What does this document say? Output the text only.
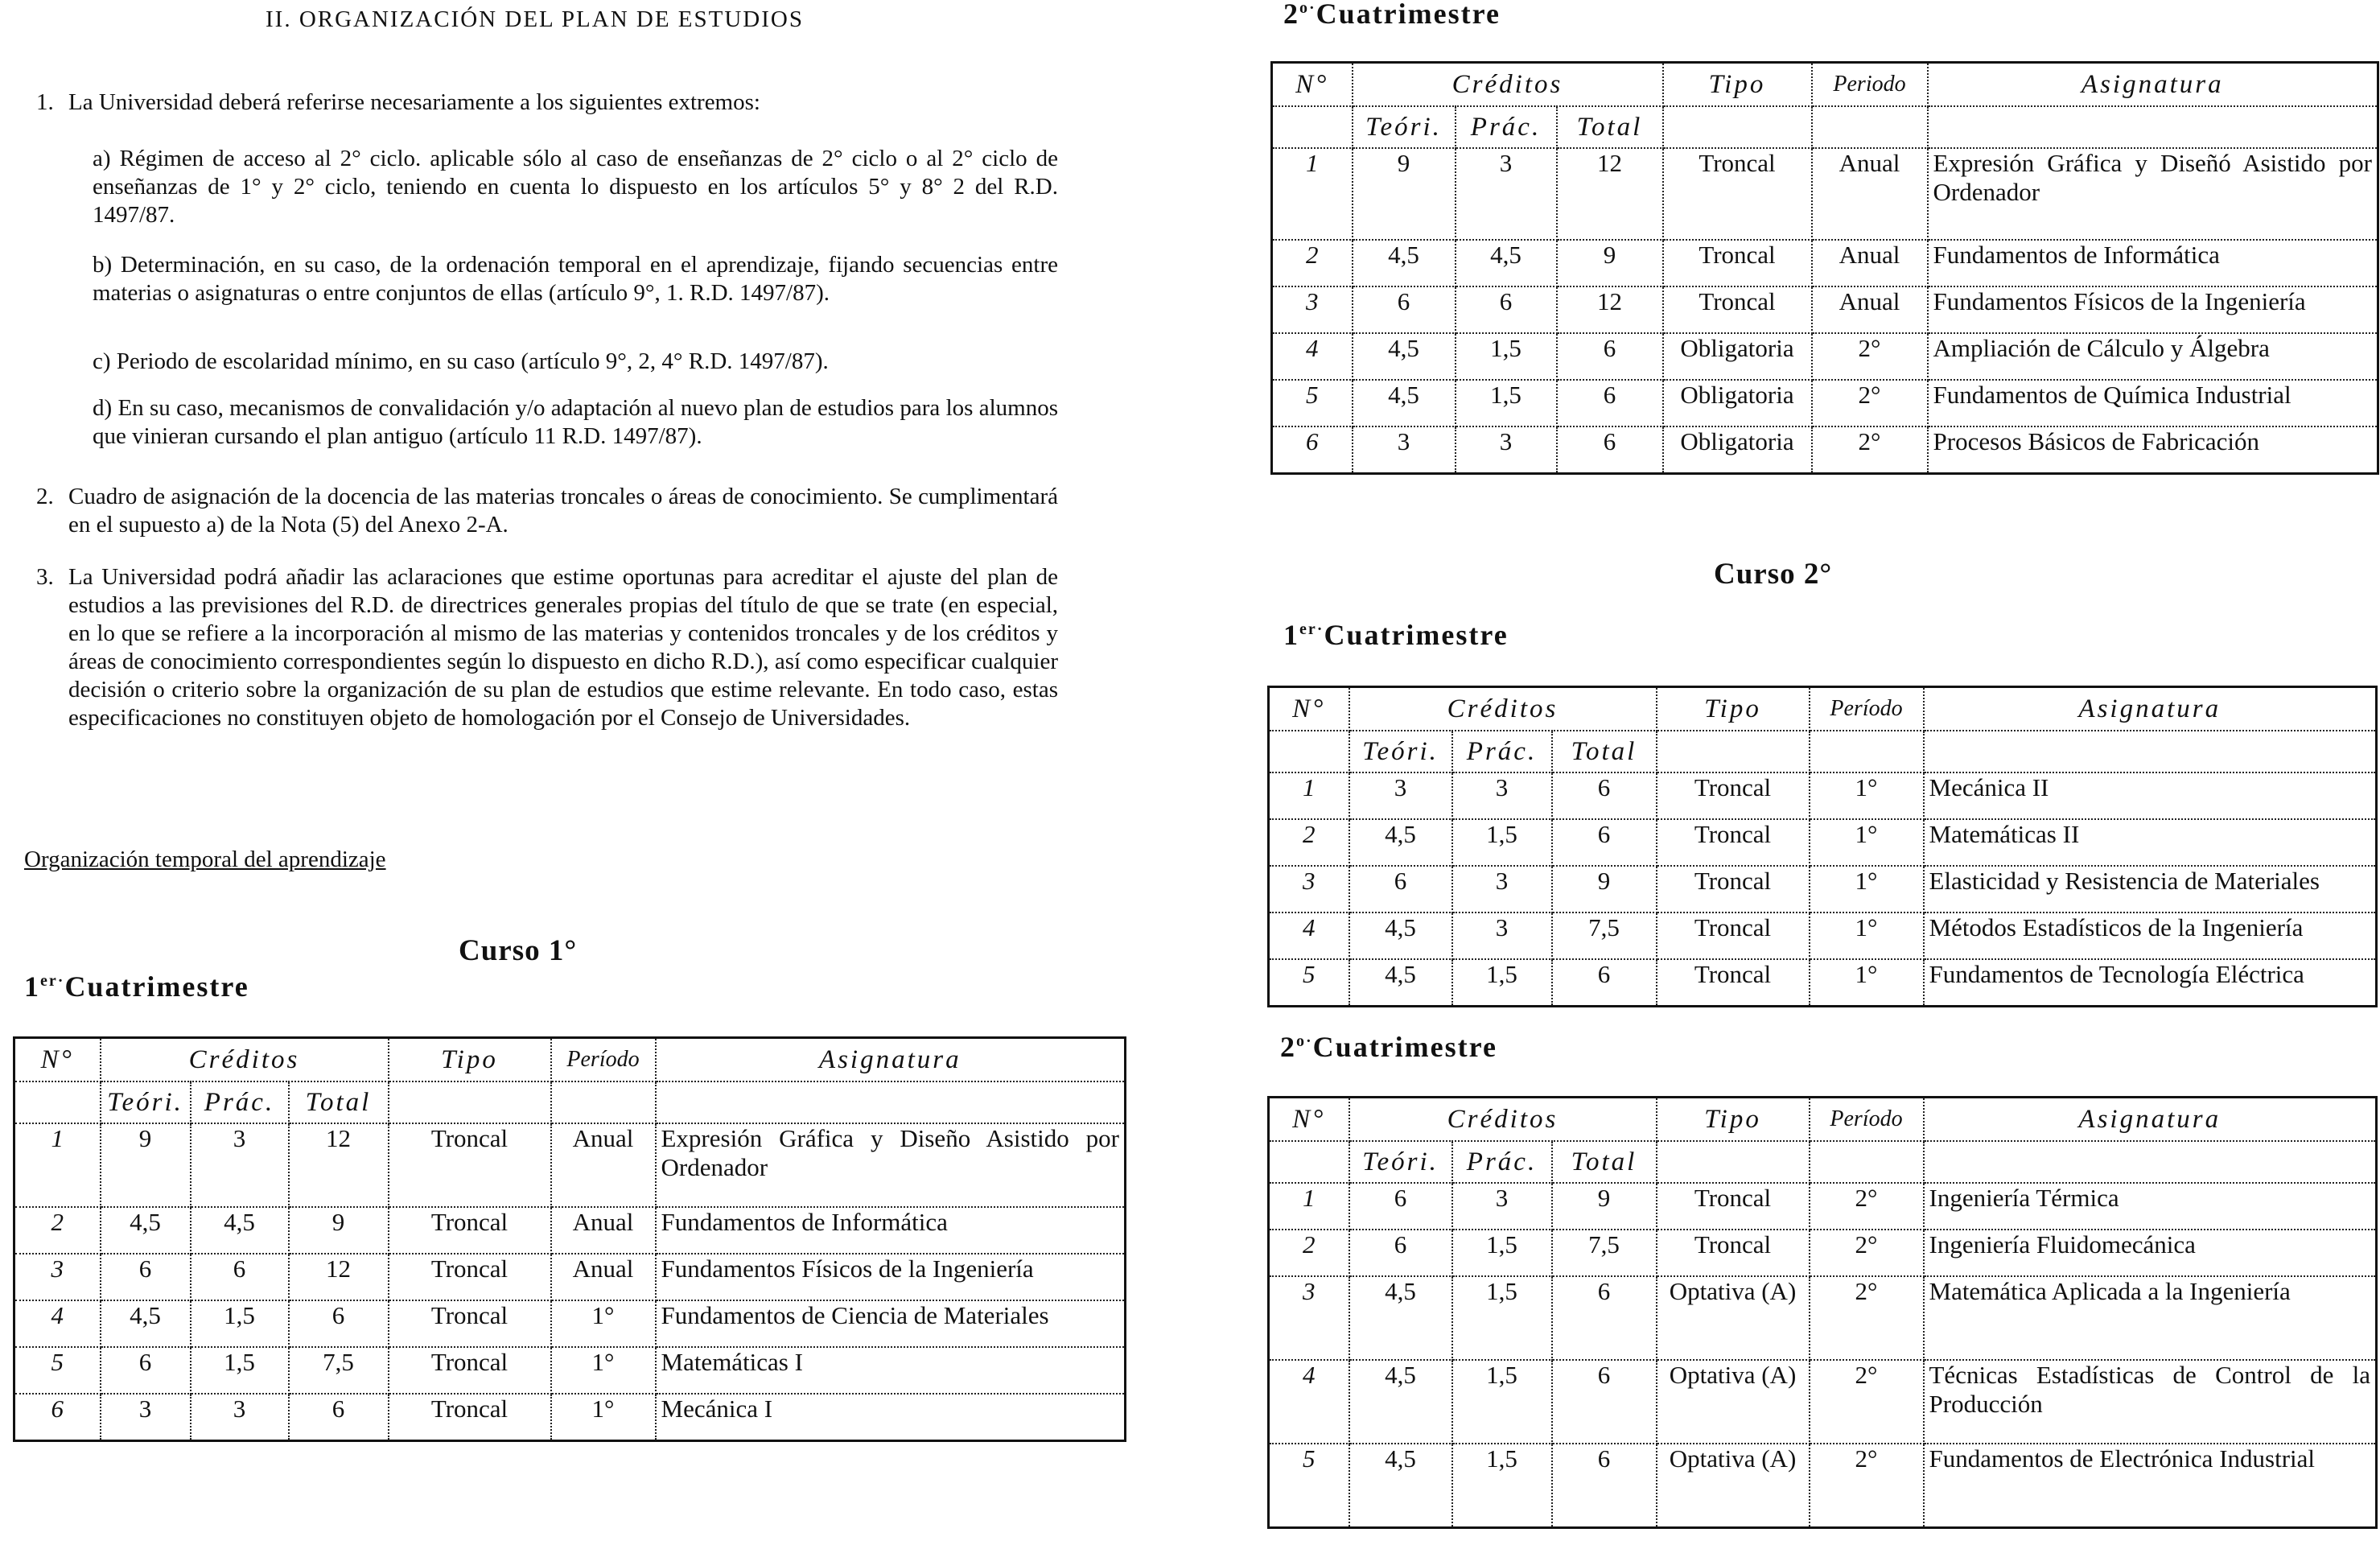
II. ORGANIZACIÓN DEL PLAN DE ESTUDIOS
1. La Universidad deberá referirse necesariamente a los siguientes extremos:
a) Régimen de acceso al 2° ciclo. aplicable sólo al caso de enseñanzas de 2° ciclo o al 2° ciclo de enseñanzas de 1° y 2° ciclo, teniendo en cuenta lo dispuesto en los artículos 5° y 8° 2 del R.D. 1497/87.
b) Determinación, en su caso, de la ordenación temporal en el aprendizaje, fijando secuencias entre materias o asignaturas o entre conjuntos de ellas (artículo 9°, 1. R.D. 1497/87).
c) Periodo de escolaridad mínimo, en su caso (artículo 9°, 2, 4° R.D. 1497/87).
d) En su caso, mecanismos de convalidación y/o adaptación al nuevo plan de estudios para los alumnos que vinieran cursando el plan antiguo (artículo 11 R.D. 1497/87).
2. Cuadro de asignación de la docencia de las materias troncales o áreas de conocimiento. Se cumplimentará en el supuesto a) de la Nota (5) del Anexo 2-A.
3. La Universidad podrá añadir las aclaraciones que estime oportunas para acreditar el ajuste del plan de estudios a las previsiones del R.D. de directrices generales propias del título de que se trate (en especial, en lo que se refiere a la incorporación al mismo de las materias y contenidos troncales y de los créditos y áreas de conocimiento correspondientes según lo dispuesto en dicho R.D.), así como especificar cualquier decisión o criterio sobre la organización de su plan de estudios que estime relevante. En todo caso, estas especificaciones no constituyen objeto de homologación por el Consejo de Universidades.
Organización temporal del aprendizaje
Curso 1°
$1^{er\cdot}Cuatrimestre$
N°	Créditos			Tipo	Período	Asignatura
	Teóri.	Prác.	Total			
1	9	3	12	Troncal	Anual	Expresión Gráfica y Diseño Asistido por Ordenador
2	4,5	4,5	9	Troncal	Anual	Fundamentos de Informática
3	6	6	12	Troncal	Anual	Fundamentos Físicos de la Ingeniería
4	4,5	1,5	6	Troncal	1°	Fundamentos de Ciencia de Materiales
5	6	1,5	7,5	Troncal	1°	Matemáticas I
6	3	3	6	Troncal	1°	Mecánica I
$2^{o\cdot}Cuatrimestre$
N°	Créditos			Tipo	Periodo	Asignatura
	Teóri.	Prác.	Total			
1	9	3	12	Troncal	Anual	Expresión Gráfica y Diseñó Asistido por Ordenador
2	4,5	4,5	9	Troncal	Anual	Fundamentos de Informática
3	6	6	12	Troncal	Anual	Fundamentos Físicos de la Ingeniería
4	4,5	1,5	6	Obligatoria	2°	Ampliación de Cálculo y Álgebra
5	4,5	1,5	6	Obligatoria	2°	Fundamentos de Química Industrial
6	3	3	6	Obligatoria	2°	Procesos Básicos de Fabricación
Curso 2°
$1^{er\cdot}Cuatrimestre$
N°	Créditos			Tipo	Período	Asignatura
	Teóri.	Prác.	Total			
1	3	3	6	Troncal	1°	Mecánica II
2	4,5	1,5	6	Troncal	1°	Matemáticas II
3	6	3	9	Troncal	1°	Elasticidad y Resistencia de Materiales
4	4,5	3	7,5	Troncal	1°	Métodos Estadísticos de la Ingeniería
5	4,5	1,5	6	Troncal	1°	Fundamentos de Tecnología Eléctrica
$2^{o\cdot}Cuatrimestre$
N°	Créditos			Tipo	Período	Asignatura
	Teóri.	Prác.	Total			
1	6	3	9	Troncal	2°	Ingeniería Térmica
2	6	1,5	7,5	Troncal	2°	Ingeniería Fluidomecánica
3	4,5	1,5	6	Optativa (A)	2°	Matemática Aplicada a la Ingeniería
4	4,5	1,5	6	Optativa (A)	2°	Técnicas Estadísticas de Control de la Producción
5	4,5	1,5	6	Optativa (A)	2°	Fundamentos de Electrónica Industrial
